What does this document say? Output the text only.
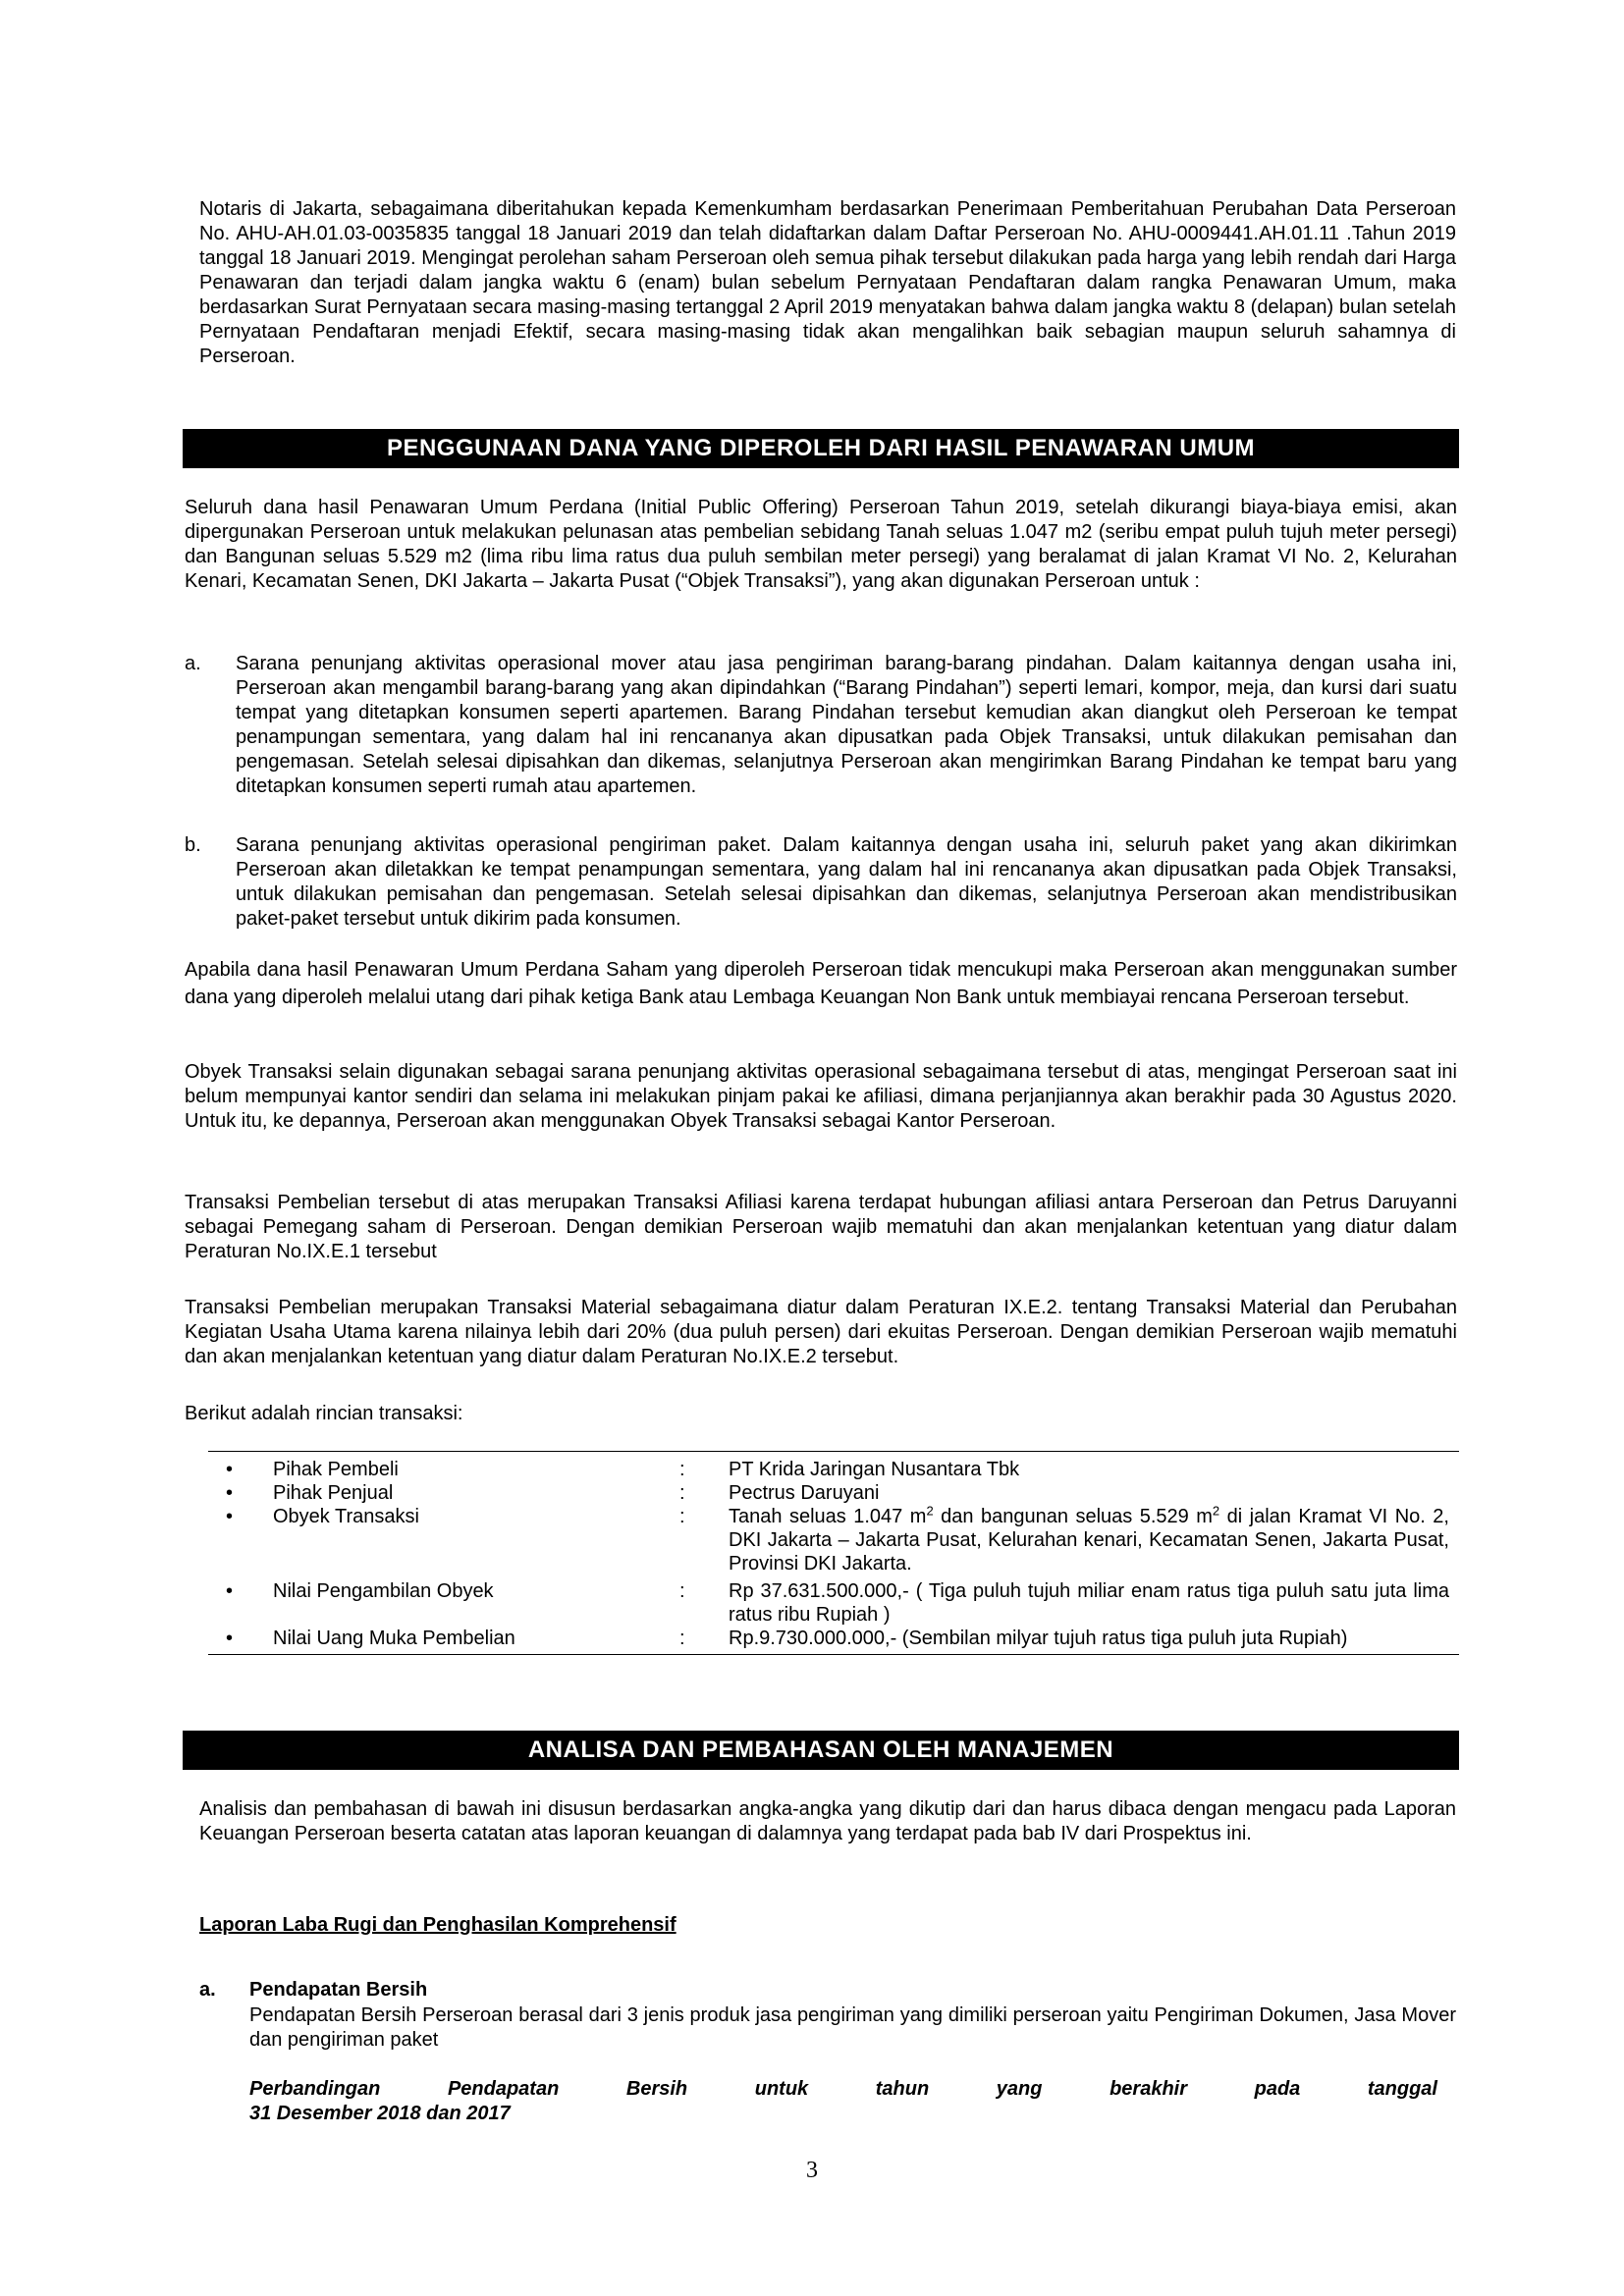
Notaris di Jakarta, sebagaimana diberitahukan kepada Kemenkumham berdasarkan Penerimaan Pemberitahuan Perubahan Data Perseroan No. AHU-AH.01.03-0035835 tanggal 18 Januari 2019 dan telah didaftarkan dalam Daftar Perseroan No. AHU-0009441.AH.01.11 .Tahun 2019 tanggal 18 Januari 2019. Mengingat perolehan saham Perseroan oleh semua pihak tersebut dilakukan pada harga yang lebih rendah dari Harga Penawaran dan terjadi dalam jangka waktu 6 (enam) bulan sebelum Pernyataan Pendaftaran dalam rangka Penawaran Umum, maka berdasarkan Surat Pernyataan secara masing-masing tertanggal 2 April 2019 menyatakan bahwa dalam jangka waktu 8 (delapan) bulan setelah Pernyataan Pendaftaran menjadi Efektif, secara masing-masing tidak akan mengalihkan baik sebagian maupun seluruh sahamnya di Perseroan.

PENGGUNAAN DANA YANG DIPEROLEH DARI HASIL PENAWARAN UMUM

Seluruh dana hasil Penawaran Umum Perdana (Initial Public Offering) Perseroan Tahun 2019, setelah dikurangi biaya-biaya emisi, akan dipergunakan Perseroan untuk melakukan pelunasan atas pembelian sebidang Tanah seluas 1.047 m2 (seribu empat puluh tujuh meter persegi) dan Bangunan seluas 5.529 m2 (lima ribu lima ratus dua puluh sembilan meter persegi) yang beralamat di jalan Kramat VI No. 2, Kelurahan Kenari, Kecamatan Senen, DKI Jakarta – Jakarta Pusat (“Objek Transaksi”), yang akan digunakan Perseroan untuk :

a. Sarana penunjang aktivitas operasional mover atau jasa pengiriman barang-barang pindahan. Dalam kaitannya dengan usaha ini, Perseroan akan mengambil barang-barang yang akan dipindahkan (“Barang Pindahan”) seperti lemari, kompor, meja, dan kursi dari suatu tempat yang ditetapkan konsumen seperti apartemen. Barang Pindahan tersebut kemudian akan diangkut oleh Perseroan ke tempat penampungan sementara, yang dalam hal ini rencananya akan dipusatkan pada Objek Transaksi, untuk dilakukan pemisahan dan pengemasan. Setelah selesai dipisahkan dan dikemas, selanjutnya Perseroan akan mengirimkan Barang Pindahan ke tempat baru yang ditetapkan konsumen seperti rumah atau apartemen.
b. Sarana penunjang aktivitas operasional pengiriman paket. Dalam kaitannya dengan usaha ini, seluruh paket yang akan dikirimkan Perseroan akan diletakkan ke tempat penampungan sementara, yang dalam hal ini rencananya akan dipusatkan pada Objek Transaksi, untuk dilakukan pemisahan dan pengemasan. Setelah selesai dipisahkan dan dikemas, selanjutnya Perseroan akan mendistribusikan paket-paket tersebut untuk dikirim pada konsumen.

Apabila dana hasil Penawaran Umum Perdana Saham yang diperoleh Perseroan tidak mencukupi maka Perseroan akan menggunakan sumber dana yang diperoleh melalui utang dari pihak ketiga Bank atau Lembaga Keuangan Non Bank untuk membiayai rencana Perseroan tersebut.

Obyek Transaksi selain digunakan sebagai sarana penunjang aktivitas operasional sebagaimana tersebut di atas, mengingat Perseroan saat ini belum mempunyai kantor sendiri dan selama ini melakukan pinjam pakai ke afiliasi, dimana perjanjiannya akan berakhir pada 30 Agustus 2020. Untuk itu, ke depannya, Perseroan akan menggunakan Obyek Transaksi sebagai Kantor Perseroan.

Transaksi Pembelian tersebut di atas merupakan Transaksi Afiliasi karena terdapat hubungan afiliasi antara Perseroan dan Petrus Daruyanni sebagai Pemegang saham di Perseroan. Dengan demikian Perseroan wajib mematuhi dan akan menjalankan ketentuan yang diatur dalam Peraturan No.IX.E.1 tersebut

Transaksi Pembelian merupakan Transaksi Material sebagaimana diatur dalam Peraturan IX.E.2. tentang Transaksi Material dan Perubahan Kegiatan Usaha Utama karena nilainya lebih dari 20% (dua puluh persen) dari ekuitas Perseroan. Dengan demikian Perseroan wajib mematuhi dan akan menjalankan ketentuan yang diatur dalam Peraturan No.IX.E.2 tersebut.

Berikut adalah rincian transaksi:

• Pihak Pembeli	: PT Krida Jaringan Nusantara Tbk
• Pihak Penjual	: Pectrus Daruyani
• Obyek Transaksi	: Tanah seluas 1.047 $m^2$ dan bangunan seluas 5.529 $m^2$ di jalan Kramat VI No. 2, DKI Jakarta – Jakarta Pusat, Kelurahan kenari, Kecamatan Senen, Jakarta Pusat, Provinsi DKI Jakarta.
• Nilai Pengambilan Obyek	: Rp 37.631.500.000,- ( Tiga puluh tujuh miliar enam ratus tiga puluh satu juta lima ratus ribu Rupiah )
• Nilai Uang Muka Pembelian	: Rp.9.730.000.000,- (Sembilan milyar tujuh ratus tiga puluh juta Rupiah)
ANALISA DAN PEMBAHASAN OLEH MANAJEMEN

Analisis dan pembahasan di bawah ini disusun berdasarkan angka-angka yang dikutip dari dan harus dibaca dengan mengacu pada Laporan Keuangan Perseroan beserta catatan atas laporan keuangan di dalamnya yang terdapat pada bab IV dari Prospektus ini.

Laporan Laba Rugi dan Penghasilan Komprehensif
a. Pendapatan Bersih

Pendapatan Bersih Perseroan berasal dari 3 jenis produk jasa pengiriman yang dimiliki perseroan yaitu Pengiriman Dokumen, Jasa Mover dan pengiriman paket

Perbandingan Pendapatan Bersih untuk tahun yang berakhir pada tanggal
31 Desember 2018 dan 2017
3
